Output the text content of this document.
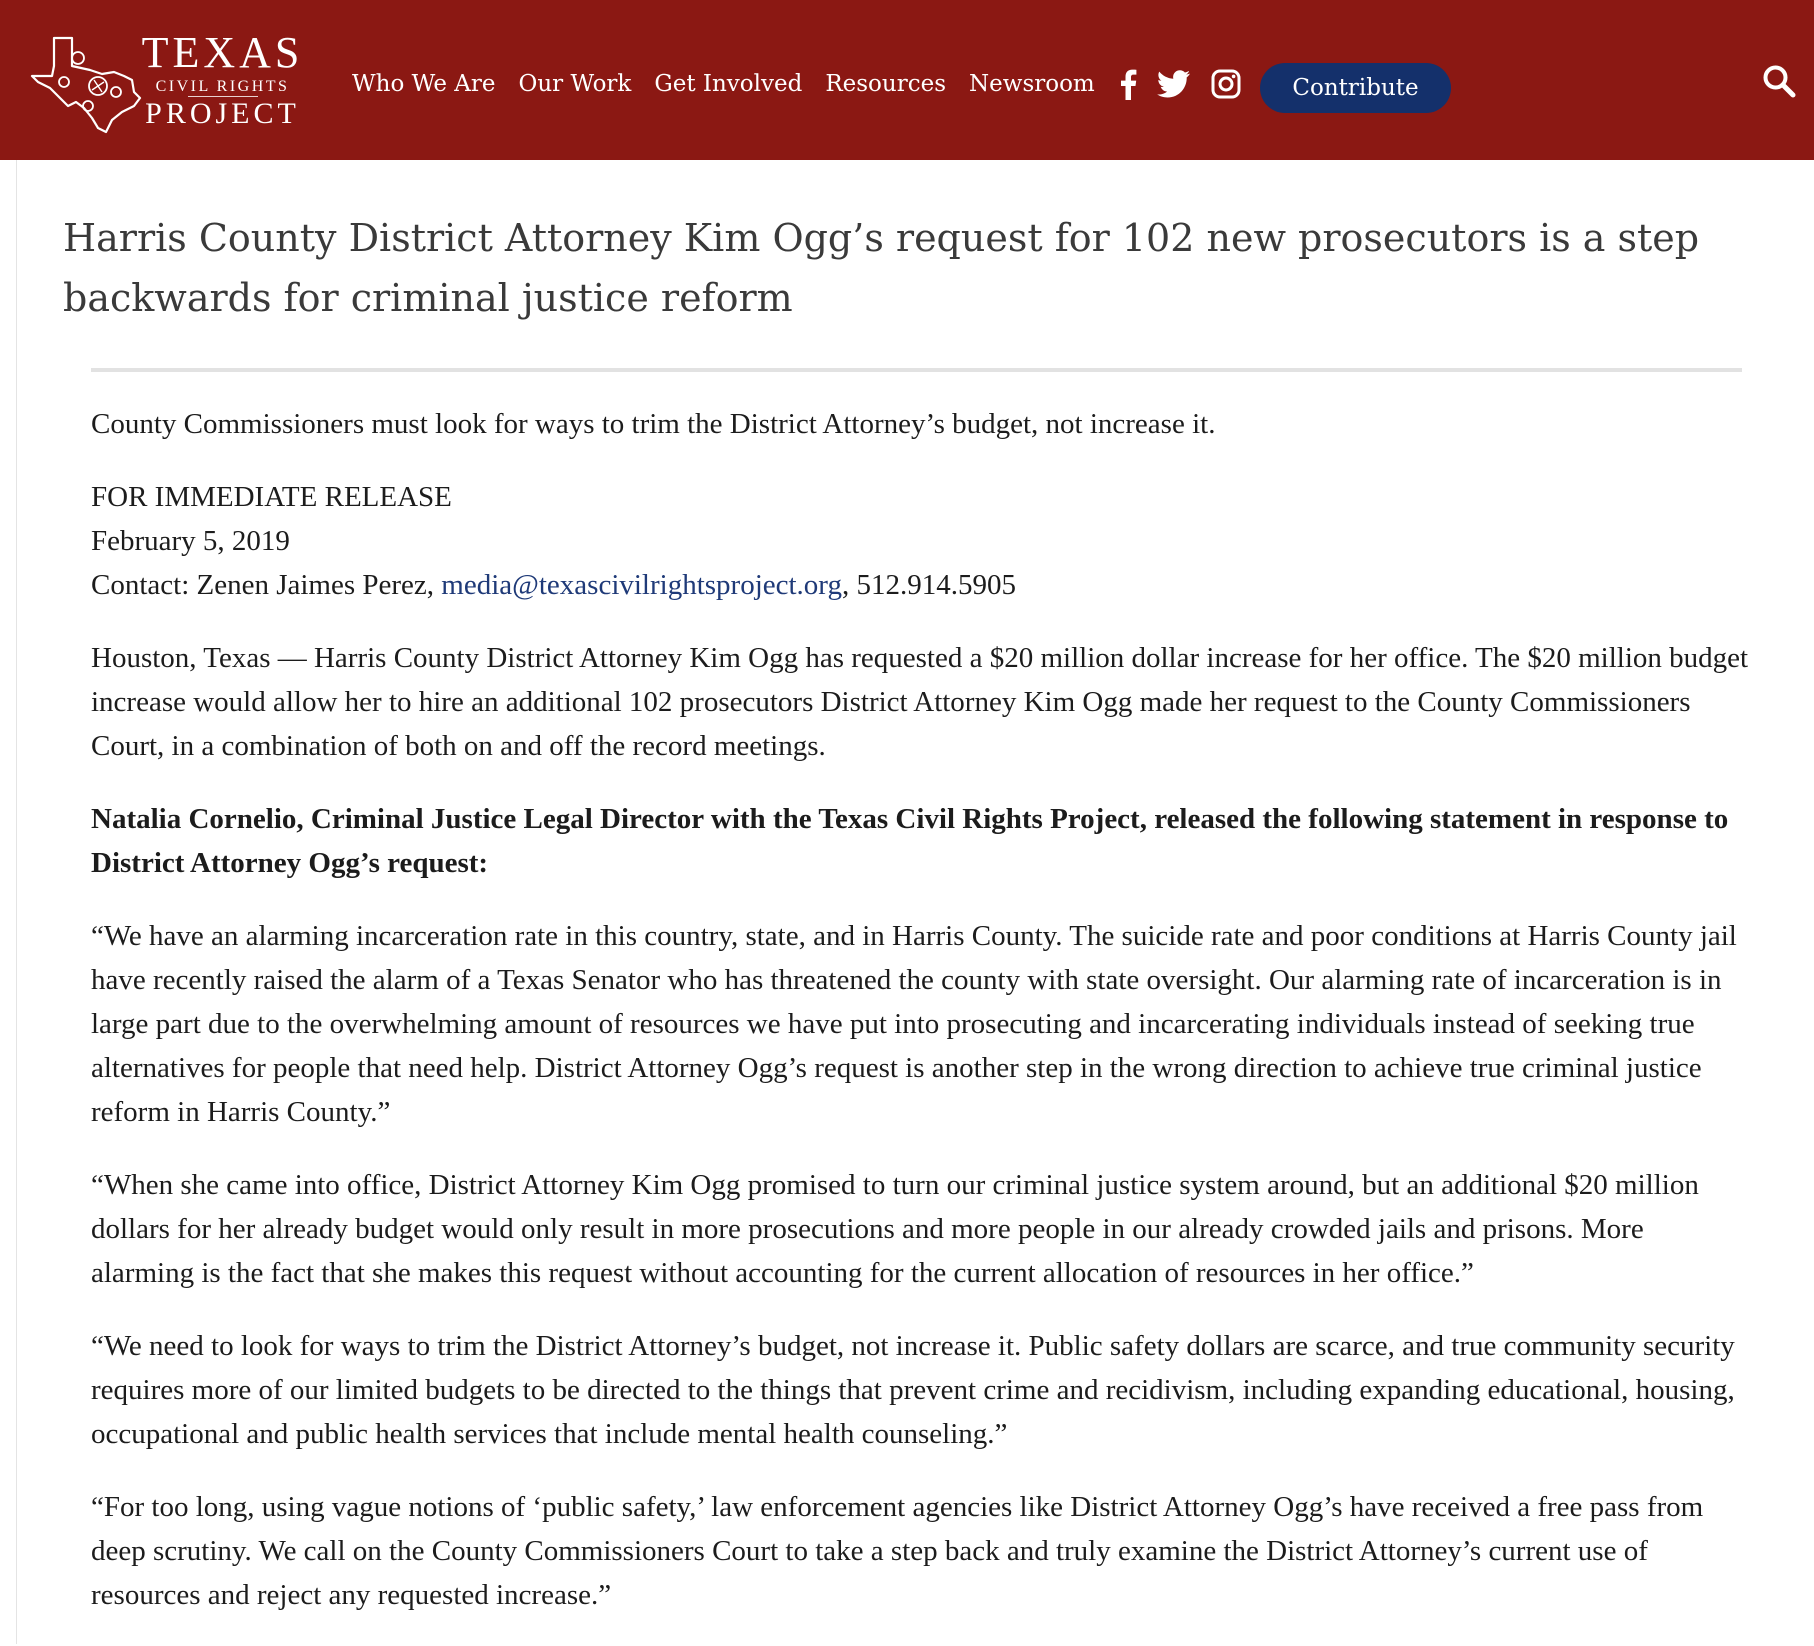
TEXAS
CIVIL RIGHTS
PROJECT
Who We Are Our Work Get Involved Resources Newsroom	Contribute
Harris County District Attorney Kim Ogg’s request for 102 new prosecutors is a step backwards for criminal justice reform

County Commissioners must look for ways to trim the District Attorney’s budget, not increase it.

FOR IMMEDIATE RELEASE
February 5, 2019
Contact: Zenen Jaimes Perez, media@texascivilrightsproject.org, 512.914.5905

Houston, Texas — Harris County District Attorney Kim Ogg has requested a $20 million dollar increase for her office. The $20 million budget increase would allow her to hire an additional 102 prosecutors District Attorney Kim Ogg made her request to the County Commissioners Court, in a combination of both on and off the record meetings.

Natalia Cornelio, Criminal Justice Legal Director with the Texas Civil Rights Project, released the following statement in response to District Attorney Ogg’s request:

“We have an alarming incarceration rate in this country, state, and in Harris County. The suicide rate and poor conditions at Harris County jail have recently raised the alarm of a Texas Senator who has threatened the county with state oversight. Our alarming rate of incarceration is in large part due to the overwhelming amount of resources we have put into prosecuting and incarcerating individuals instead of seeking true alternatives for people that need help. District Attorney Ogg’s request is another step in the wrong direction to achieve true criminal justice reform in Harris County.”

“When she came into office, District Attorney Kim Ogg promised to turn our criminal justice system around, but an additional $20 million dollars for her already budget would only result in more prosecutions and more people in our already crowded jails and prisons. More alarming is the fact that she makes this request without accounting for the current allocation of resources in her office.”

“We need to look for ways to trim the District Attorney’s budget, not increase it. Public safety dollars are scarce, and true community security requires more of our limited budgets to be directed to the things that prevent crime and recidivism, including expanding educational, housing, occupational and public health services that include mental health counseling.”

“For too long, using vague notions of ‘public safety,’ law enforcement agencies like District Attorney Ogg’s have received a free pass from deep scrutiny. We call on the County Commissioners Court to take a step back and truly examine the District Attorney’s current use of resources and reject any requested increase.”
